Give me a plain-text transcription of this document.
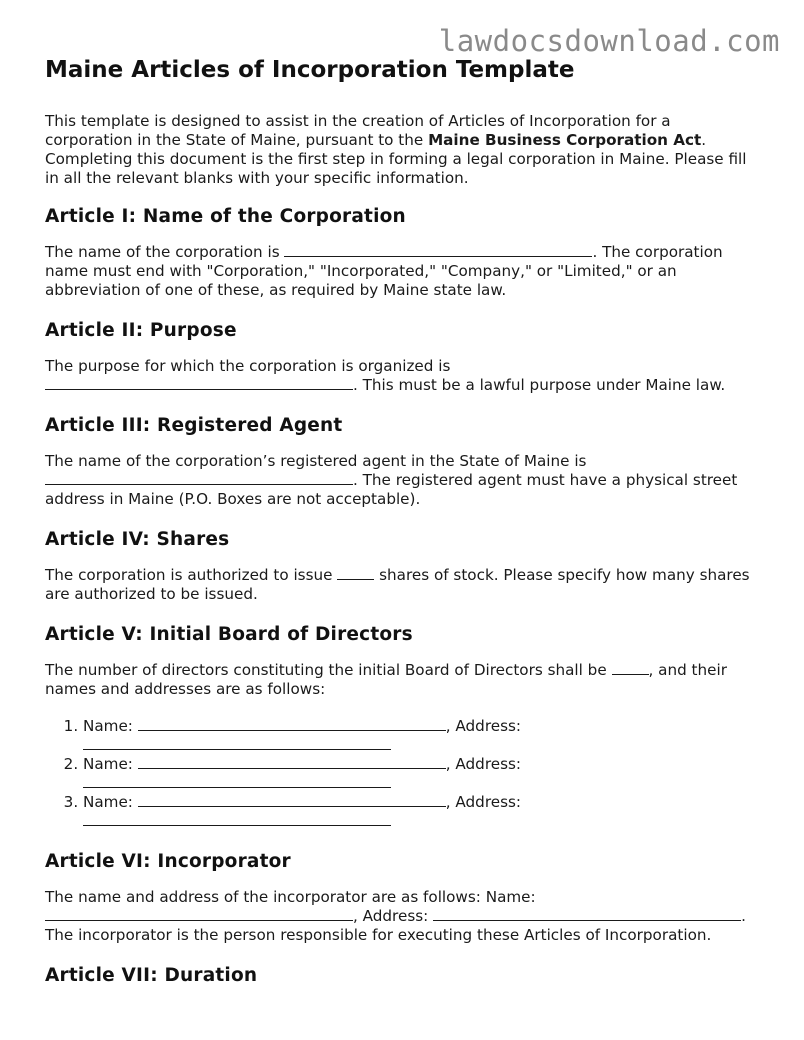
lawdocsdownload.com
Maine Articles of Incorporation Template

This template is designed to assist in the creation of Articles of Incorporation for a corporation in the State of Maine, pursuant to the Maine Business Corporation Act. Completing this document is the first step in forming a legal corporation in Maine. Please fill in all the relevant blanks with your specific information.

Article I: Name of the Corporation

The name of the corporation is	. The corporation name must end with "Corporation," "Incorporated," "Company," or "Limited," or an abbreviation of one of these, as required by Maine state law.

Article II: Purpose

The purpose for which the corporation is organized is . This must be a lawful purpose under Maine law.

Article III: Registered Agent

The name of the corporation’s registered agent in the State of Maine is . The registered agent must have a physical street address in Maine (P.O. Boxes are not acceptable).

Article IV: Shares

The corporation is authorized to issue  shares of stock. Please specify how many shares are authorized to be issued.

Article V: Initial Board of Directors

The number of directors constituting the initial Board of Directors shall be , and their names and addresses are as follows:

1. Name:	, Address:
2. Name:	, Address:
3. Name:	, Address:
Article VI: Incorporator

The name and address of the incorporator are as follows: Name: , Address:	. The incorporator is the person responsible for executing these Articles of Incorporation.

Article VII: Duration
